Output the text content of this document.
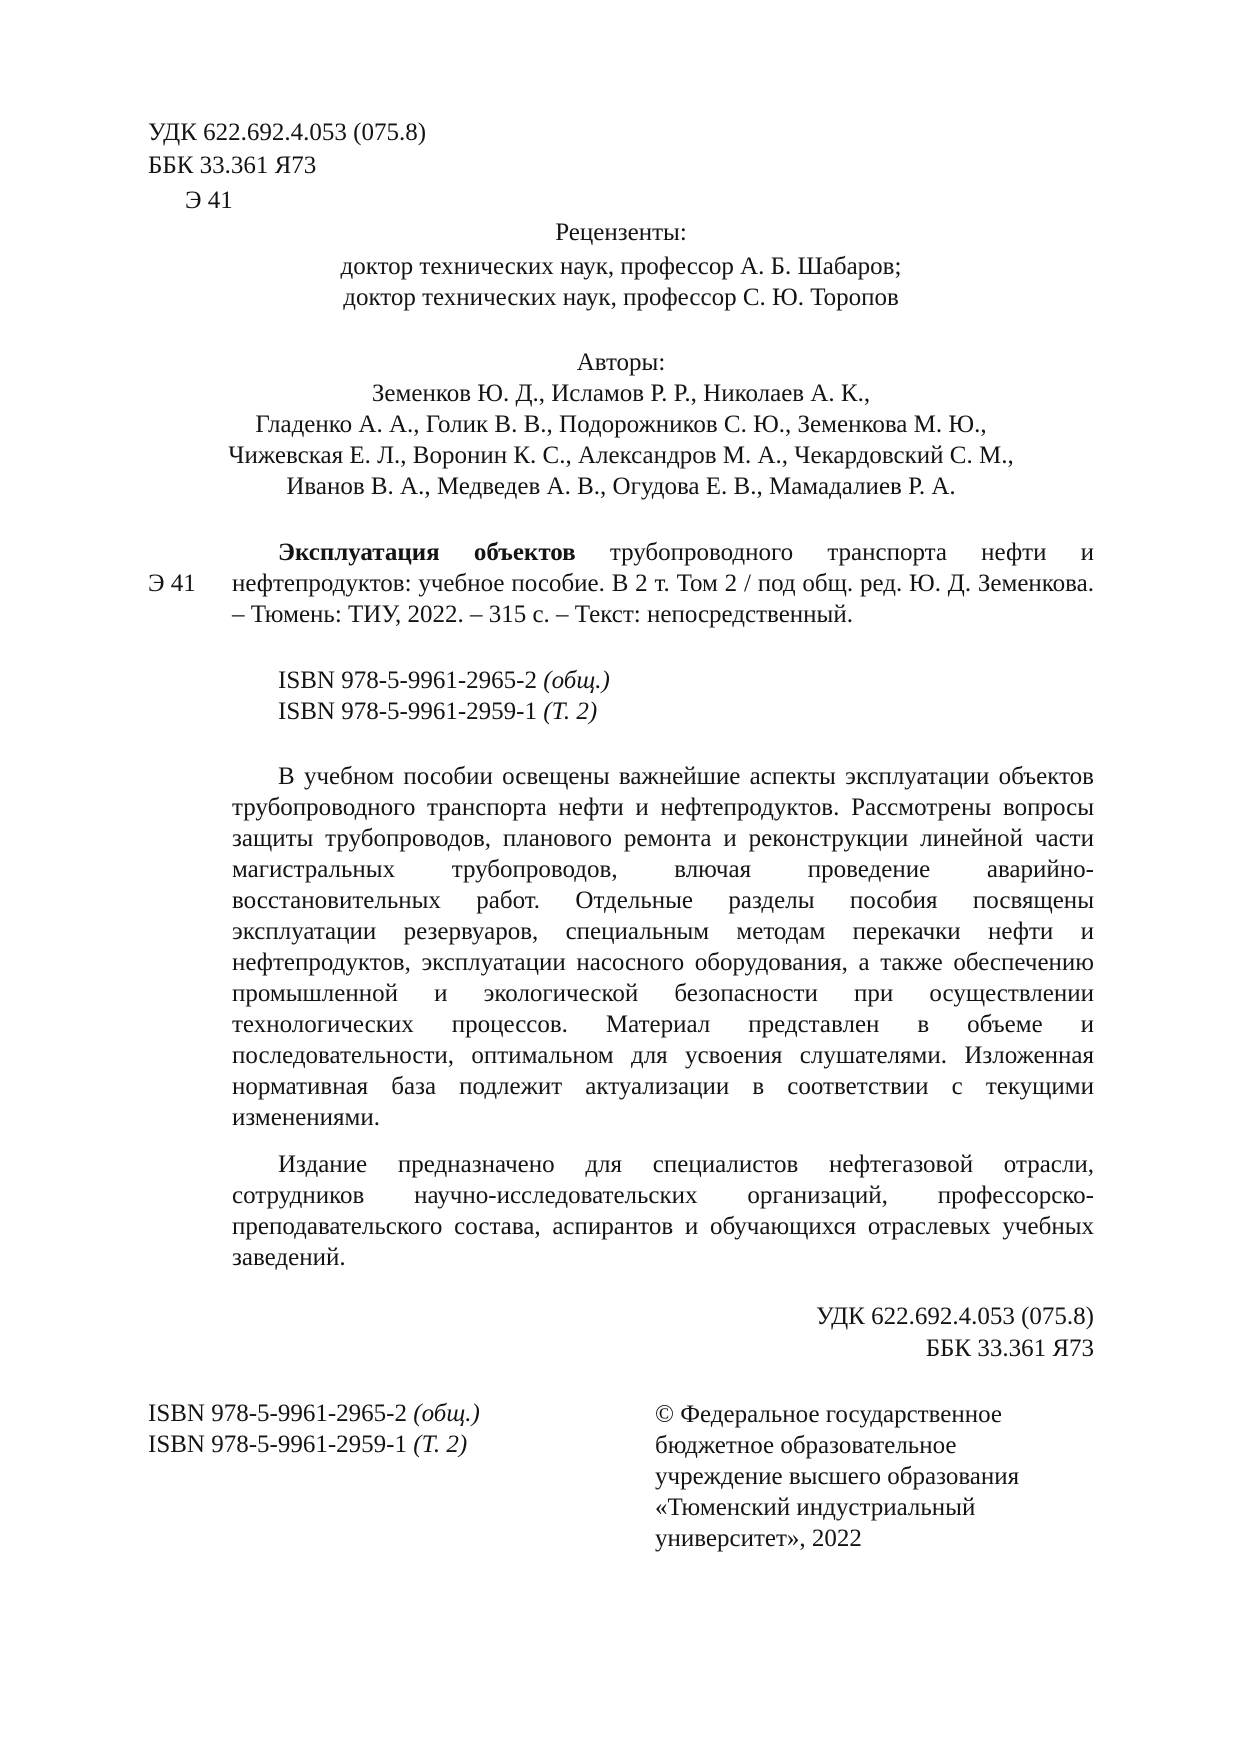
УДК 622.692.4.053 (075.8)
ББК 33.361 Я73
Э 41
Рецензенты:
доктор технических наук, профессор А. Б. Шабаров;
доктор технических наук, профессор С. Ю. Торопов
Авторы:
Земенков Ю. Д., Исламов Р. Р., Николаев А. К.,
Гладенко А. А., Голик В. В., Подорожников С. Ю., Земенкова М. Ю.,
Чижевская Е. Л., Воронин К. С., Александров М. А., Чекардовский С. М.,
Иванов В. А., Медведев А. В., Огудова Е. В., Мамадалиев Р. А.
Э 41
Эксплуатация объектов трубопроводного транспорта нефти и нефтепродуктов: учебное пособие. В 2 т. Том 2 / под общ. ред. Ю. Д. Земенкова. – Тюмень: ТИУ, 2022. – 315 с. – Текст: непосредственный.
ISBN 978-5-9961-2965-2 (общ.)
ISBN 978-5-9961-2959-1 (Т. 2)

В учебном пособии освещены важнейшие аспекты эксплуатации объектов трубопроводного транспорта нефти и нефтепродуктов. Рассмотрены вопросы защиты трубопроводов, планового ремонта и реконструкции линейной части магистральных трубопроводов, влючая проведение аварийно-восстановительных работ. Отдельные разделы пособия посвящены эксплуатации резервуаров, специальным методам перекачки нефти и нефтепродуктов, эксплуатации насосного оборудования, а также обеспечению промышленной и экологической безопасности при осуществлении технологических процессов. Материал представлен в объеме и последовательности, оптимальном для усвоения слушателями. Изложенная нормативная база подлежит актуализации в соответствии с текущими изменениями.

Издание предназначено для специалистов нефтегазовой отрасли, сотрудников научно-исследовательских организаций, профессорско-преподавательского состава, аспирантов и обучающихся отраслевых учебных заведений.

УДК 622.692.4.053 (075.8)
ББК 33.361 Я73
ISBN 978-5-9961-2965-2 (общ.)
ISBN 978-5-9961-2959-1 (Т. 2)
© Федеральное государственное
бюджетное образовательное
учреждение высшего образования
«Тюменский индустриальный
университет», 2022
